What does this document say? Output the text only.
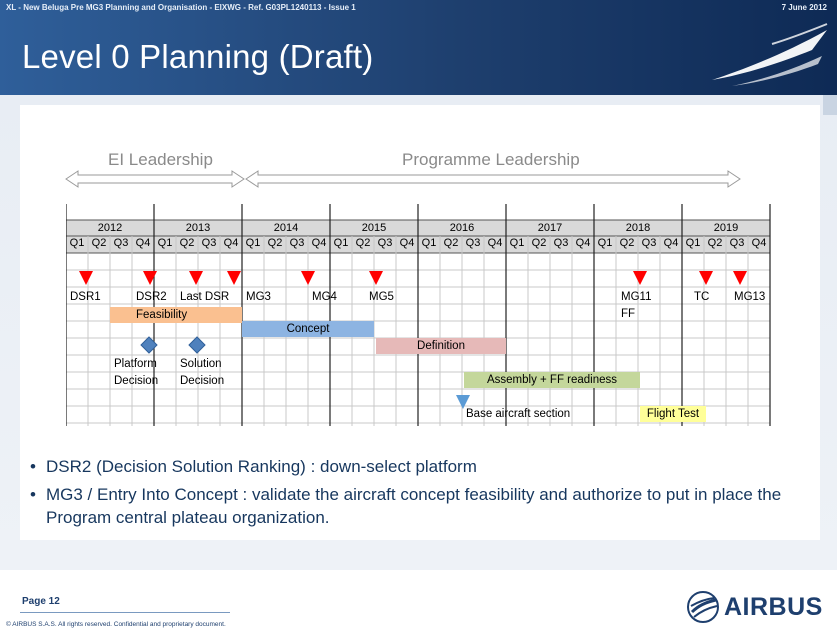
XL - New Beluga Pre MG3 Planning and Organisation - EIXWG - Ref. G03PL1240113 - Issue 1	7 June 2012
Level 0 Planning (Draft)
EI Leadership	Programme Leadership
2012	2013	2014	2015	2016	2017	2018	2019
Q1 Q2 Q3 Q4 Q1 Q2 Q3 Q4 Q1 Q2 Q3 Q4 Q1 Q2 Q3 Q4 Q1 Q2 Q3 Q4 Q1 Q2 Q3 Q4 Q1 Q2 Q3 Q4 Q1 Q2 Q3 Q4
DSR1	DSR2 Last DSR MG3	MG4	MG5	MG11
FF
TC MG13
Feasibility
Concept
Definition
Assembly + FF readiness
Flight Test
Platform
Decision
Solution
Decision
Base aircraft section
• DSR2 (Decision Solution Ranking) : down-select platform
• MG3 / Entry Into Concept : validate the aircraft concept feasibility and authorize to put in place the Program central plateau organization.
Page 12
© AIRBUS S.A.S. All rights reserved. Confidential and proprietary document.
AIRBUS
